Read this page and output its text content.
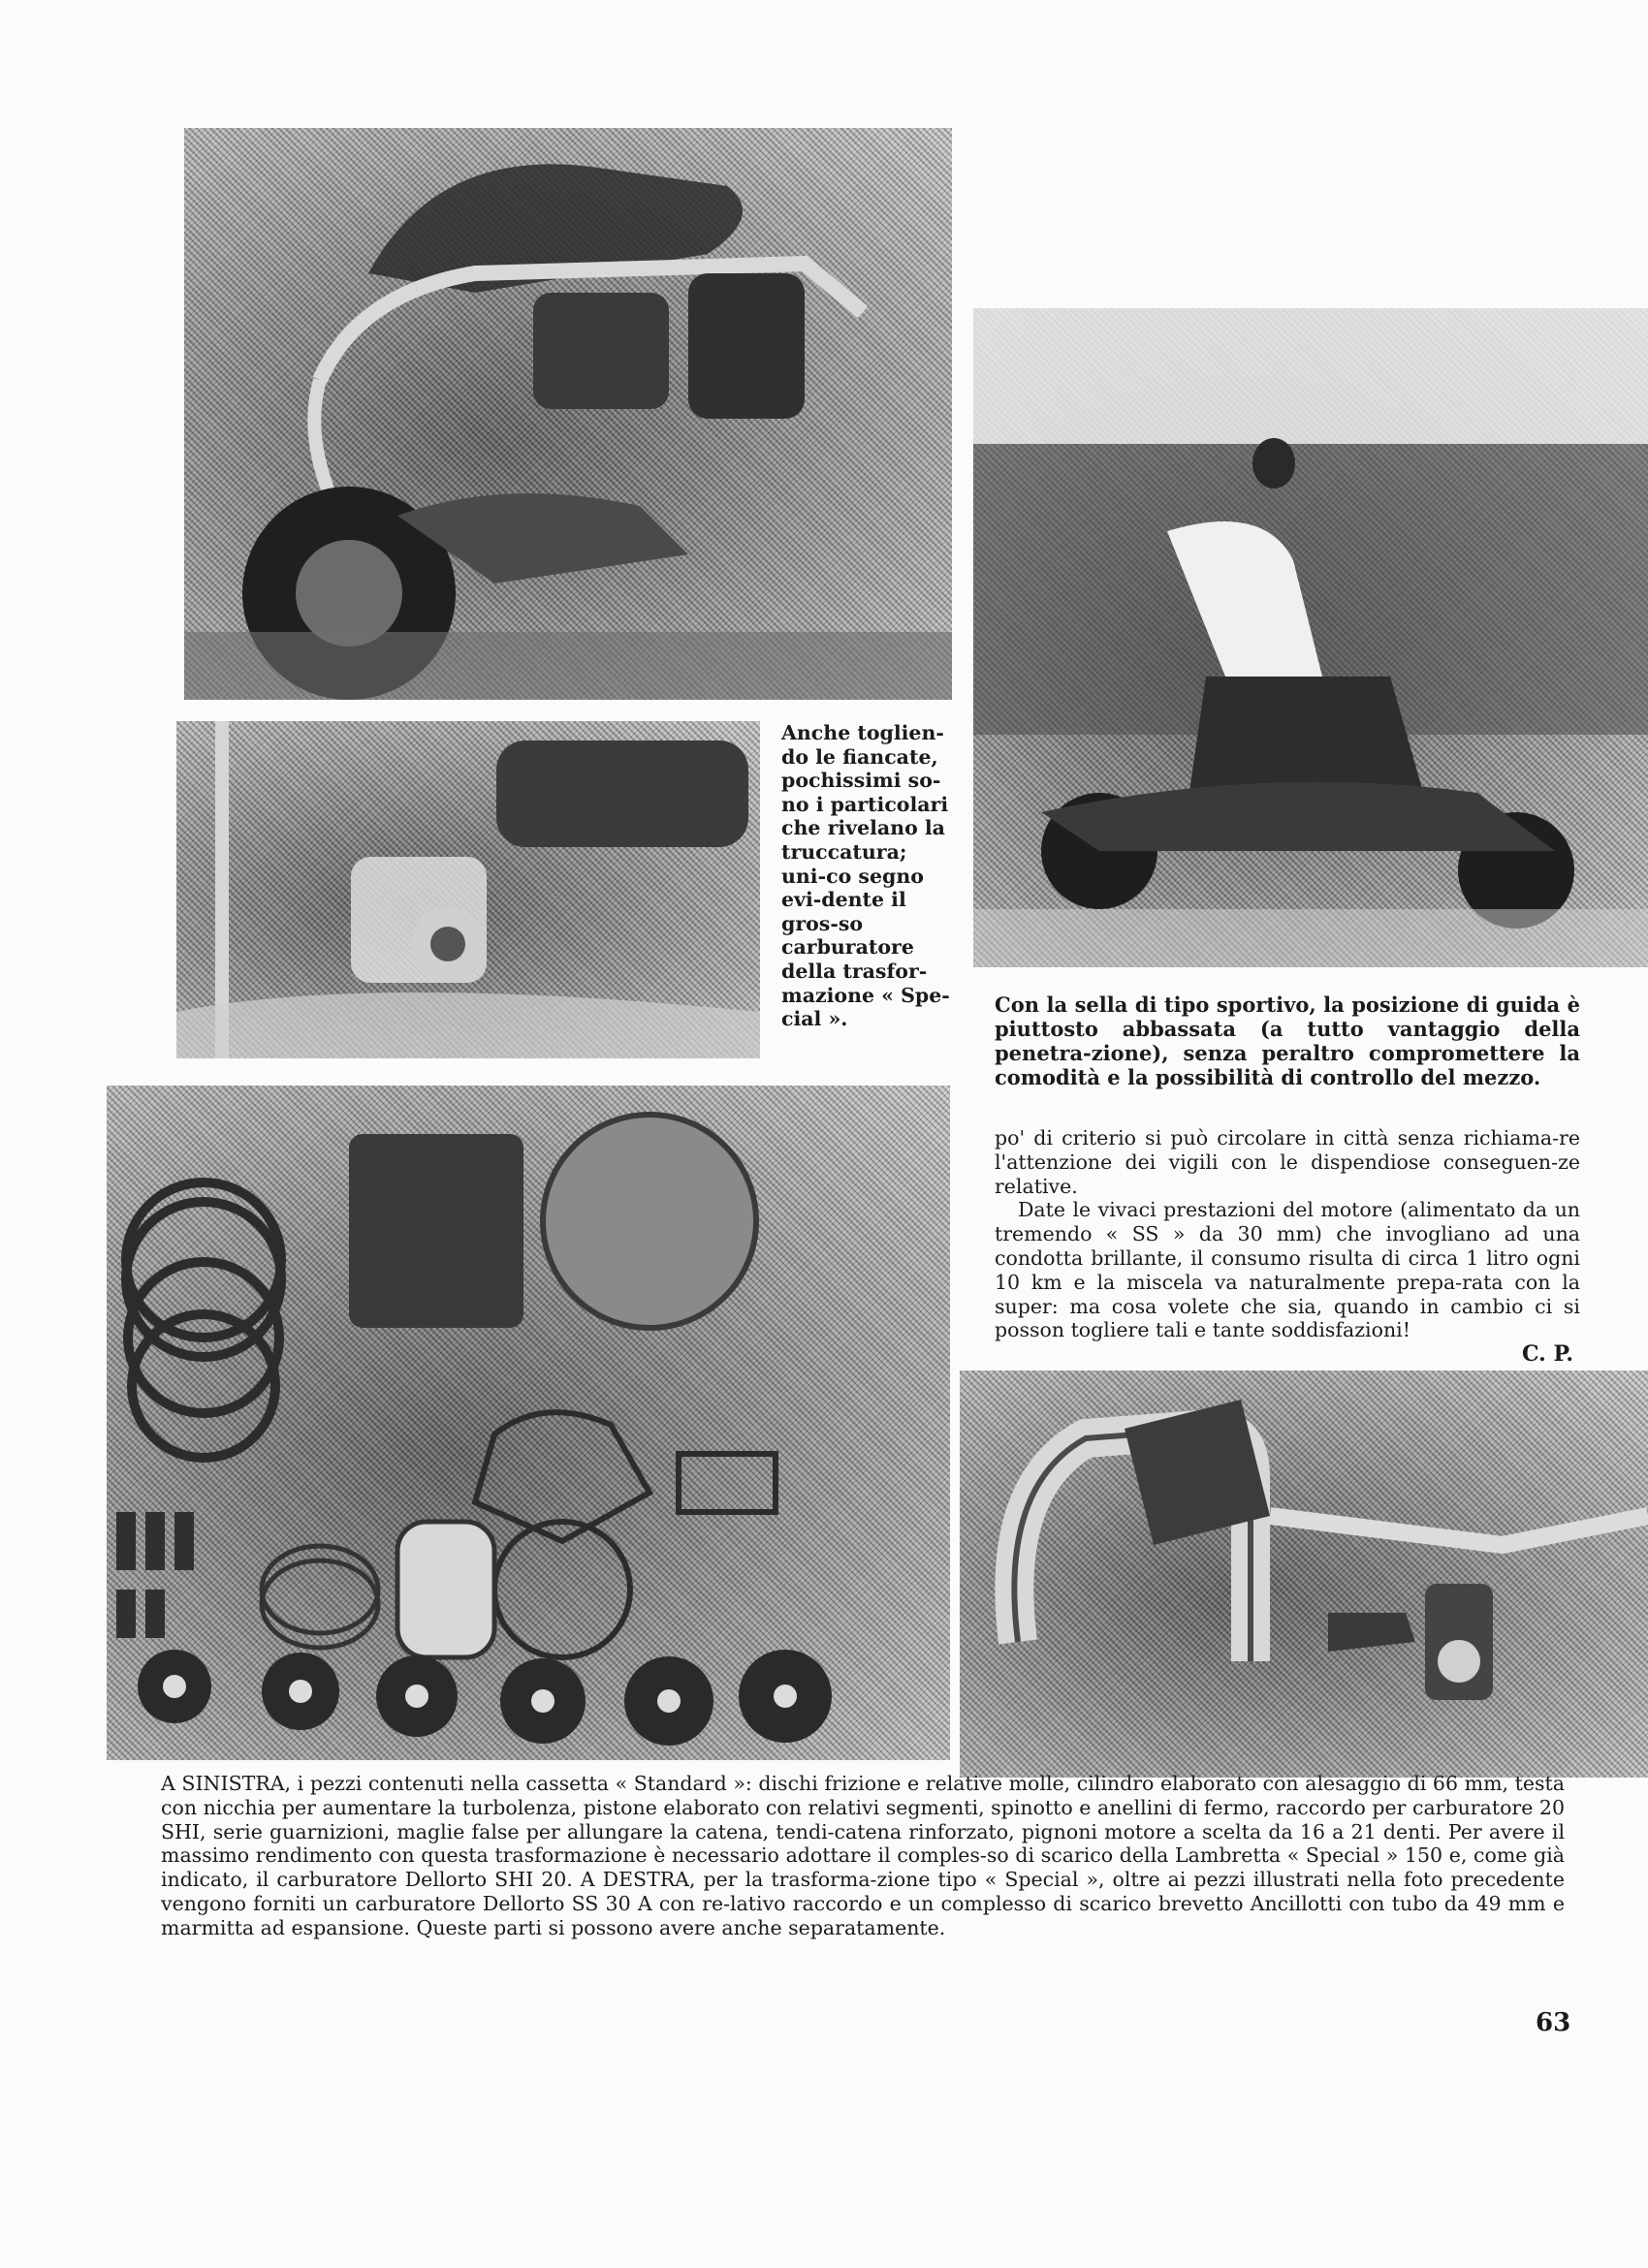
Anche toglien-do le fiancate, pochissimi so-no i particolari che rivelano la truccatura; uni-co segno evi-dente il gros-so carburatore della trasfor-mazione « Spe-cial ».

Con la sella di tipo sportivo, la posizione di guida è piuttosto abbassata (a tutto vantaggio della penetra-zione), senza peraltro compromettere la comodità e la possibilità di controllo del mezzo.

po' di criterio si può circolare in città senza richiama-re l'attenzione dei vigili con le dispendiose conseguen-ze relative.

Date le vivaci prestazioni del motore (alimentato da un tremendo « SS » da 30 mm) che invogliano ad una condotta brillante, il consumo risulta di circa 1 litro ogni 10 km e la miscela va naturalmente prepa-rata con la super: ma cosa volete che sia, quando in cambio ci si posson togliere tali e tante soddisfazioni!

C. P.

A SINISTRA, i pezzi contenuti nella cassetta « Standard »: dischi frizione e relative molle, cilindro elaborato con alesaggio di 66 mm, testa con nicchia per aumentare la turbolenza, pistone elaborato con relativi segmenti, spinotto e anellini di fermo, raccordo per carburatore 20 SHI, serie guarnizioni, maglie false per allungare la catena, tendi-catena rinforzato, pignoni motore a scelta da 16 a 21 denti. Per avere il massimo rendimento con questa trasformazione è necessario adottare il comples-so di scarico della Lambretta « Special » 150 e, come già indicato, il carburatore Dellorto SHI 20. A DESTRA, per la trasforma-zione tipo « Special », oltre ai pezzi illustrati nella foto precedente vengono forniti un carburatore Dellorto SS 30 A con re-lativo raccordo e un complesso di scarico brevetto Ancillotti con tubo da 49 mm e marmitta ad espansione. Queste parti si possono avere anche separatamente.

63
